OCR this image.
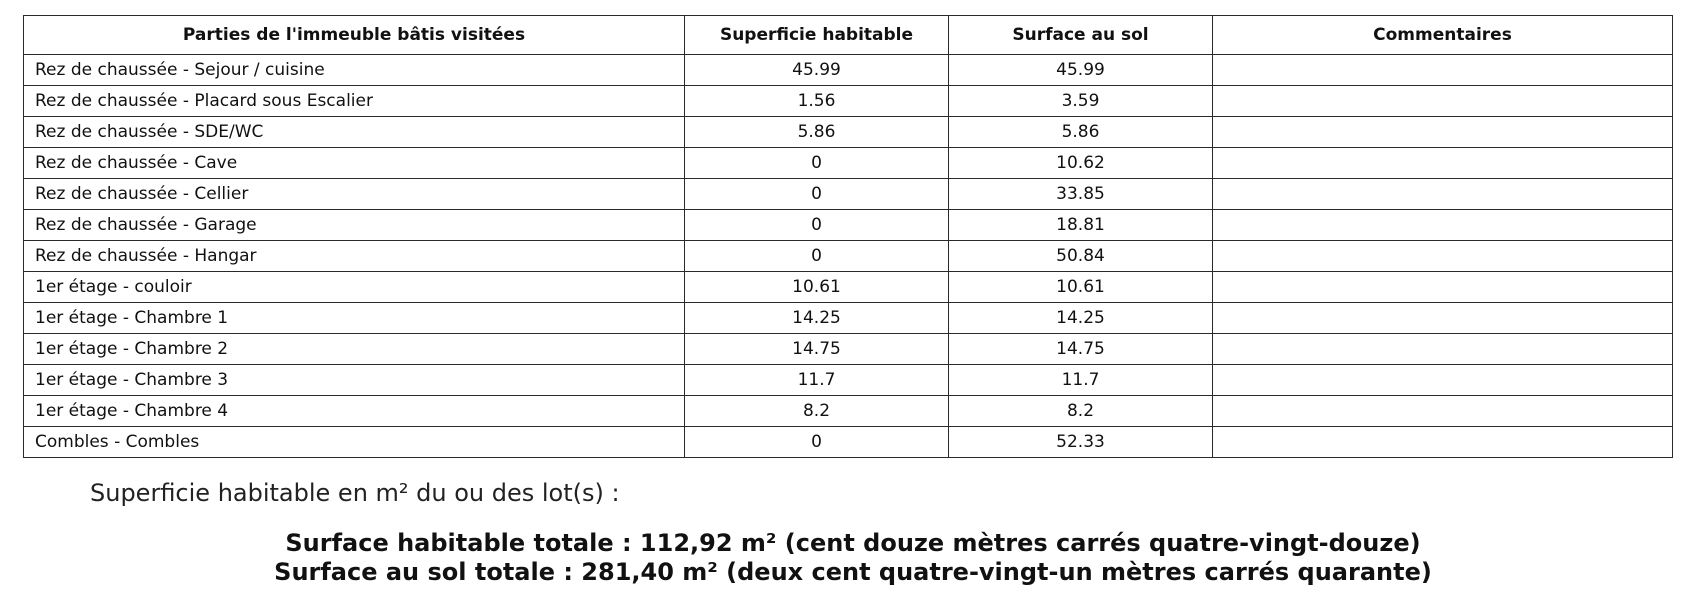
Parties de l'immeuble bâtis visitées	Superficie habitable	Surface au sol	Commentaires
Rez de chaussée - Sejour / cuisine	45.99	45.99	
Rez de chaussée - Placard sous Escalier	1.56	3.59	
Rez de chaussée - SDE/WC	5.86	5.86	
Rez de chaussée - Cave	0	10.62	
Rez de chaussée - Cellier	0	33.85	
Rez de chaussée - Garage	0	18.81	
Rez de chaussée - Hangar	0	50.84	
1er étage - couloir	10.61	10.61	
1er étage - Chambre 1	14.25	14.25	
1er étage - Chambre 2	14.75	14.75	
1er étage - Chambre 3	11.7	11.7	
1er étage - Chambre 4	8.2	8.2	
Combles - Combles	0	52.33	
Superficie habitable en m² du ou des lot(s) :
Surface habitable totale : 112,92 m² (cent douze mètres carrés quatre-vingt-douze)
Surface au sol totale : 281,40 m² (deux cent quatre-vingt-un mètres carrés quarante)
